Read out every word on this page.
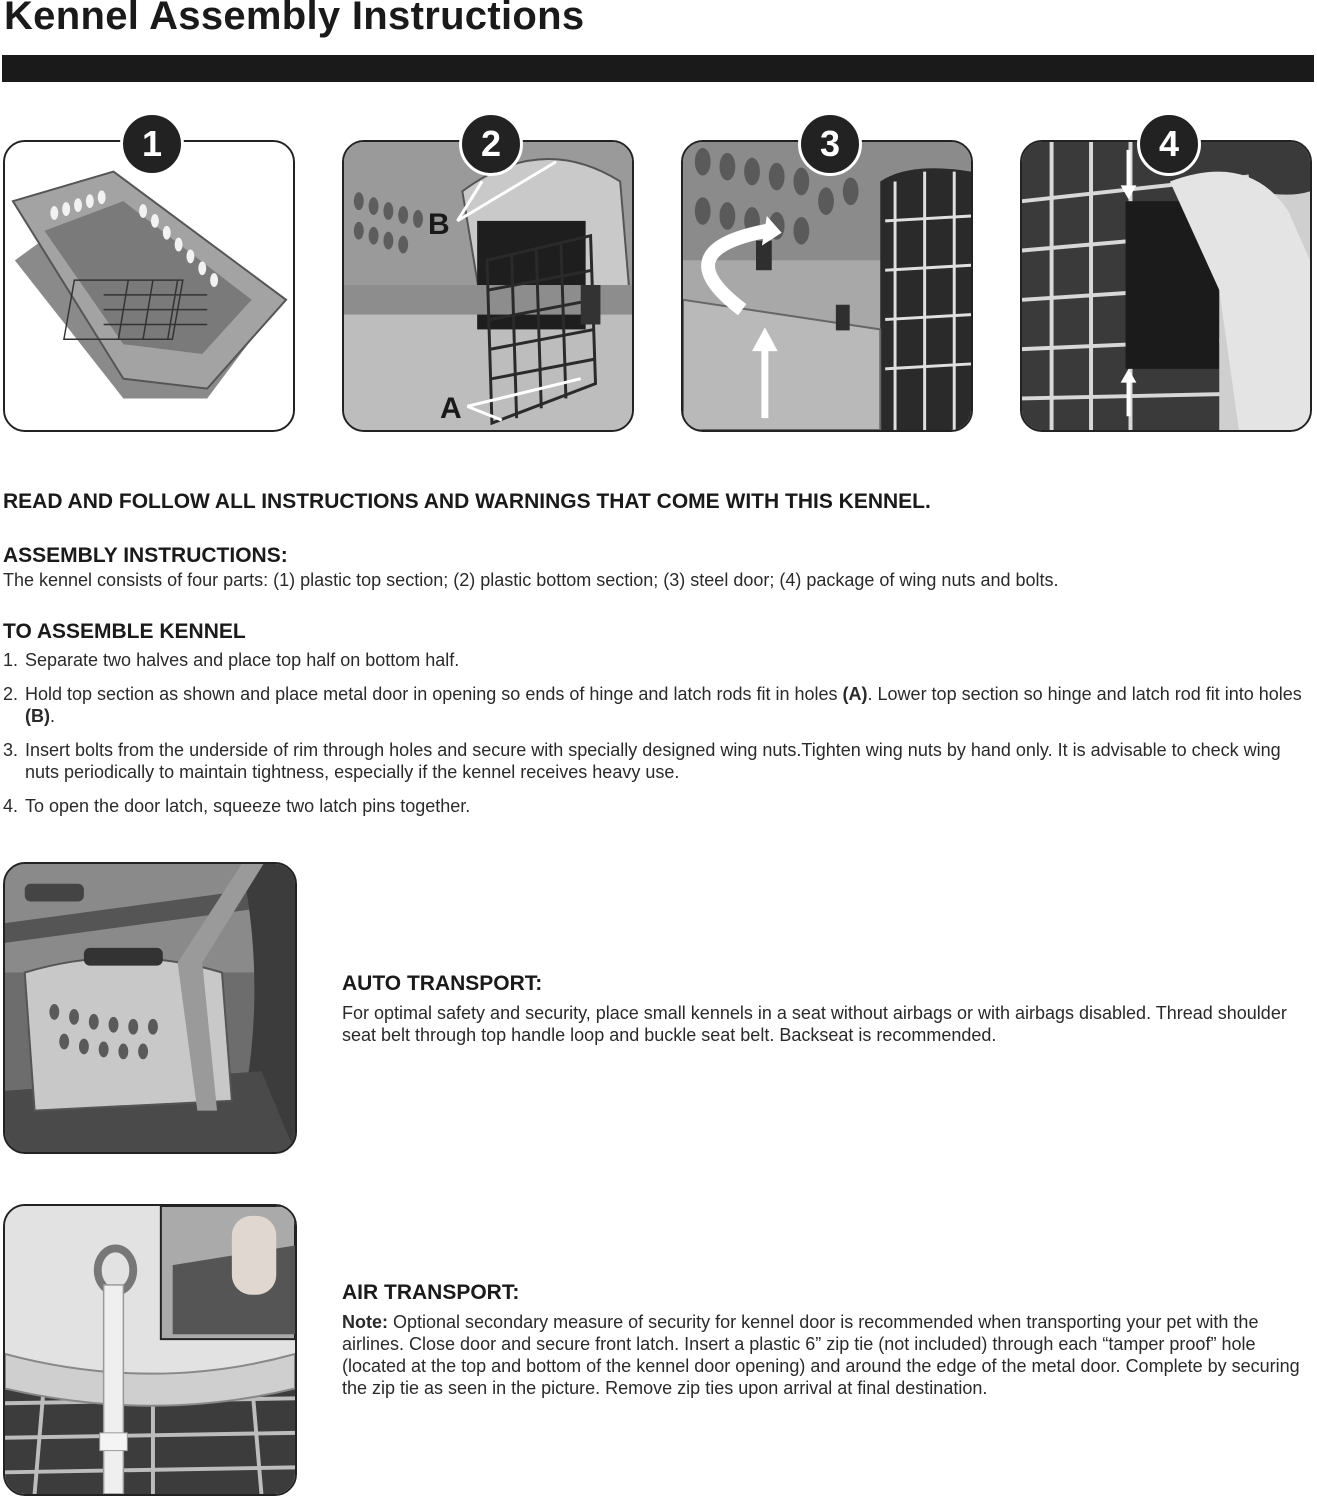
Kennel Assembly Instructions
1
B
A
2	3	4
READ AND FOLLOW ALL INSTRUCTIONS AND WARNINGS THAT COME WITH THIS KENNEL.
ASSEMBLY INSTRUCTIONS:
The kennel consists of four parts: (1) plastic top section; (2) plastic bottom section; (3) steel door; (4) package of wing nuts and bolts.
TO ASSEMBLE KENNEL
1. Separate two halves and place top half on bottom half.
2. Hold top section as shown and place metal door in opening so ends of hinge and latch rods fit in holes (A). Lower top section so hinge and latch rod fit into holes (B).
3. Insert bolts from the underside of rim through holes and secure with specially designed wing nuts.Tighten wing nuts by hand only. It is advisable to check wing nuts periodically to maintain tightness, especially if the kennel receives heavy use.
4. To open the door latch, squeeze two latch pins together.
AUTO TRANSPORT:
For optimal safety and security, place small kennels in a seat without airbags or with airbags disabled. Thread shoulder seat belt through top handle loop and buckle seat belt. Backseat is recommended.
AIR TRANSPORT:
Note: Optional secondary measure of security for kennel door is recommended when transporting your pet with the airlines. Close door and secure front latch. Insert a plastic 6” zip tie (not included) through each “tamper proof” hole (located at the top and bottom of the kennel door opening) and around the edge of the metal door. Complete by securing the zip tie as seen in the picture. Remove zip ties upon arrival at final destination.
